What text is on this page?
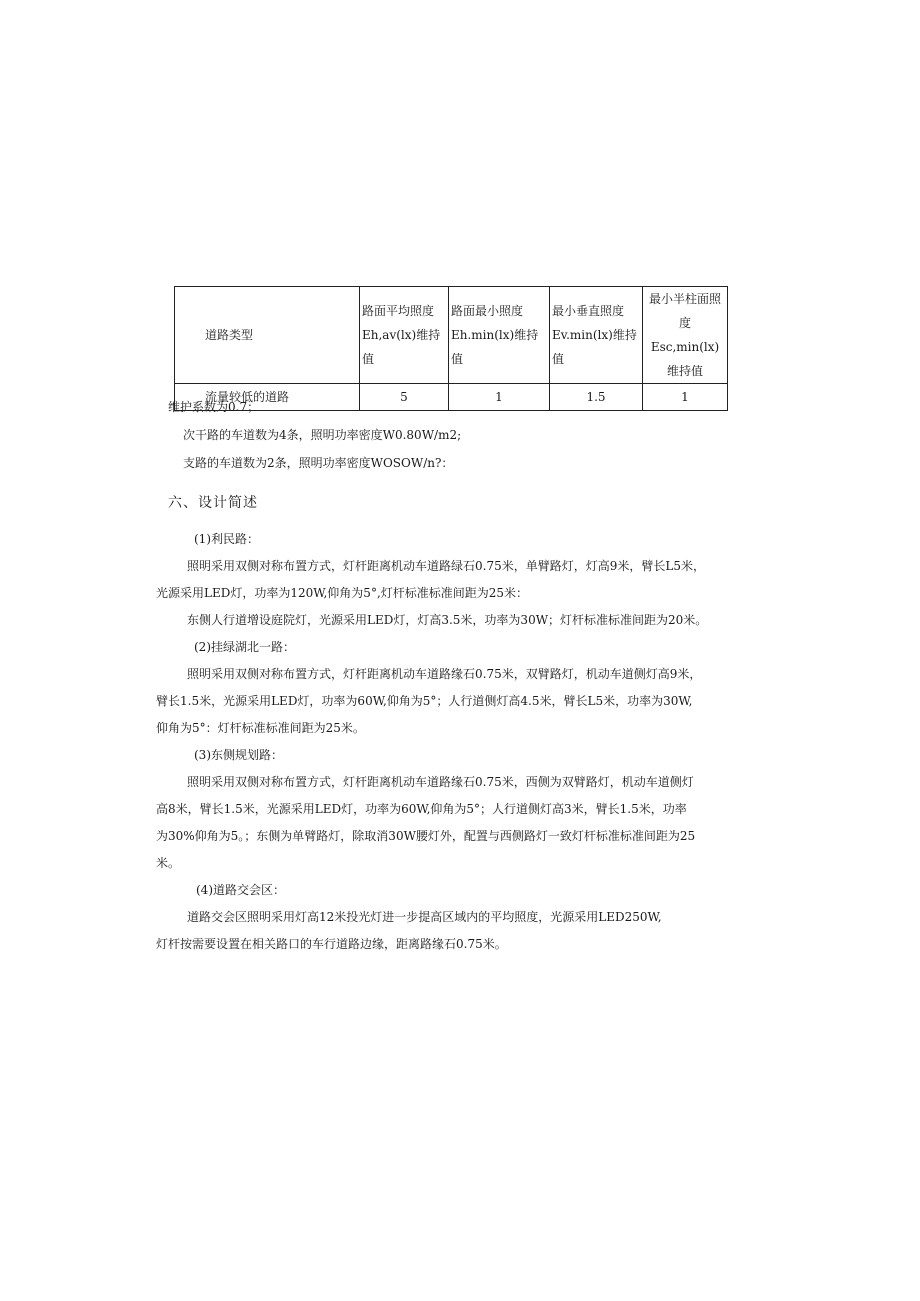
道路类型	路面平均照度Eh,av(lx)维持值	路面最小照度Eh.min(lx)维持值	最小垂直照度Ev.min(lx)维持值	最小半柱面照度Esc,min(lx)维持值
流量较低的道路	5	1	1.5	1
维护系数为0.7；
次干路的车道数为4条，照明功率密度W0.80W/m2;
支路的车道数为2条，照明功率密度WOSOW/n?：
六、设计简述
(1)利民路：
照明采用双侧对称布置方式，灯杆距离机动车道路绿石0.75米，单臂路灯，灯高9米，臂长L5米，
光源采用LED灯，功率为120W,仰角为5°,灯杆标准标准间距为25米：
东侧人行道增设庭院灯，光源采用LED灯，灯高3.5米，功率为30W；灯杆标准标准间距为20米。
(2)挂绿湖北一路：
照明采用双侧对称布置方式，灯杆距离机动车道路缘石0.75米，双臂路灯，机动车道侧灯高9米，
臂长1.5米，光源采用LED灯，功率为60W,仰角为5°；人行道侧灯高4.5米，臂长L5米，功率为30W,
仰角为5°：灯杆标准标准间距为25米。
(3)东侧规划路：
照明采用双侧对称布置方式，灯杆距离机动车道路缘石0.75米，西侧为双臂路灯，机动车道侧灯
高8米，臂长1.5米，光源采用LED灯，功率为60W,仰角为5°；人行道侧灯高3米，臂长1.5米，功率
为30%仰角为5。；东侧为单臂路灯，除取消30W腰灯外，配置与西侧路灯一致灯杆标准标准间距为25
米。
(4)道路交会区：
道路交会区照明采用灯高12米投光灯进一步提高区域内的平均照度，光源采用LED250W,
灯杆按需要设置在相关路口的车行道路边缘，距离路缘石0.75米。
